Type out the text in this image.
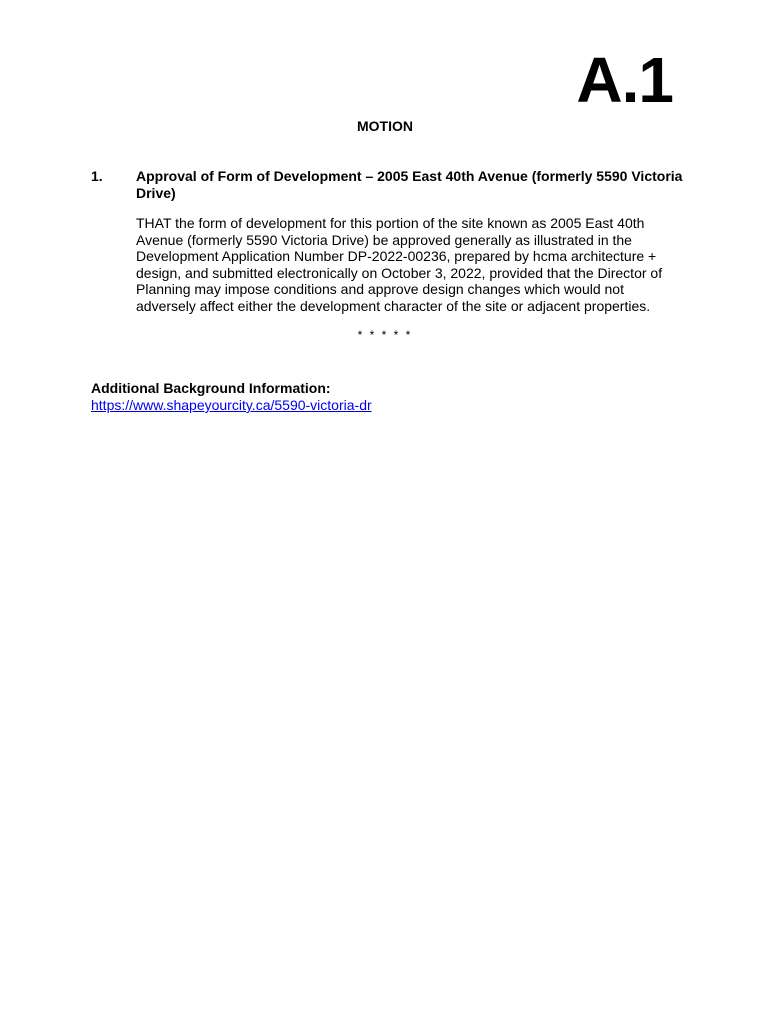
A.1
MOTION
1. Approval of Form of Development – 2005 East 40th Avenue (formerly 5590 Victoria Drive)
THAT the form of development for this portion of the site known as 2005 East 40th Avenue (formerly 5590 Victoria Drive) be approved generally as illustrated in the Development Application Number DP-2022-00236, prepared by hcma architecture + design, and submitted electronically on October 3, 2022, provided that the Director of Planning may impose conditions and approve design changes which would not adversely affect either the development character of the site or adjacent properties.
* * * * *
Additional Background Information:
https://www.shapeyourcity.ca/5590-victoria-dr
